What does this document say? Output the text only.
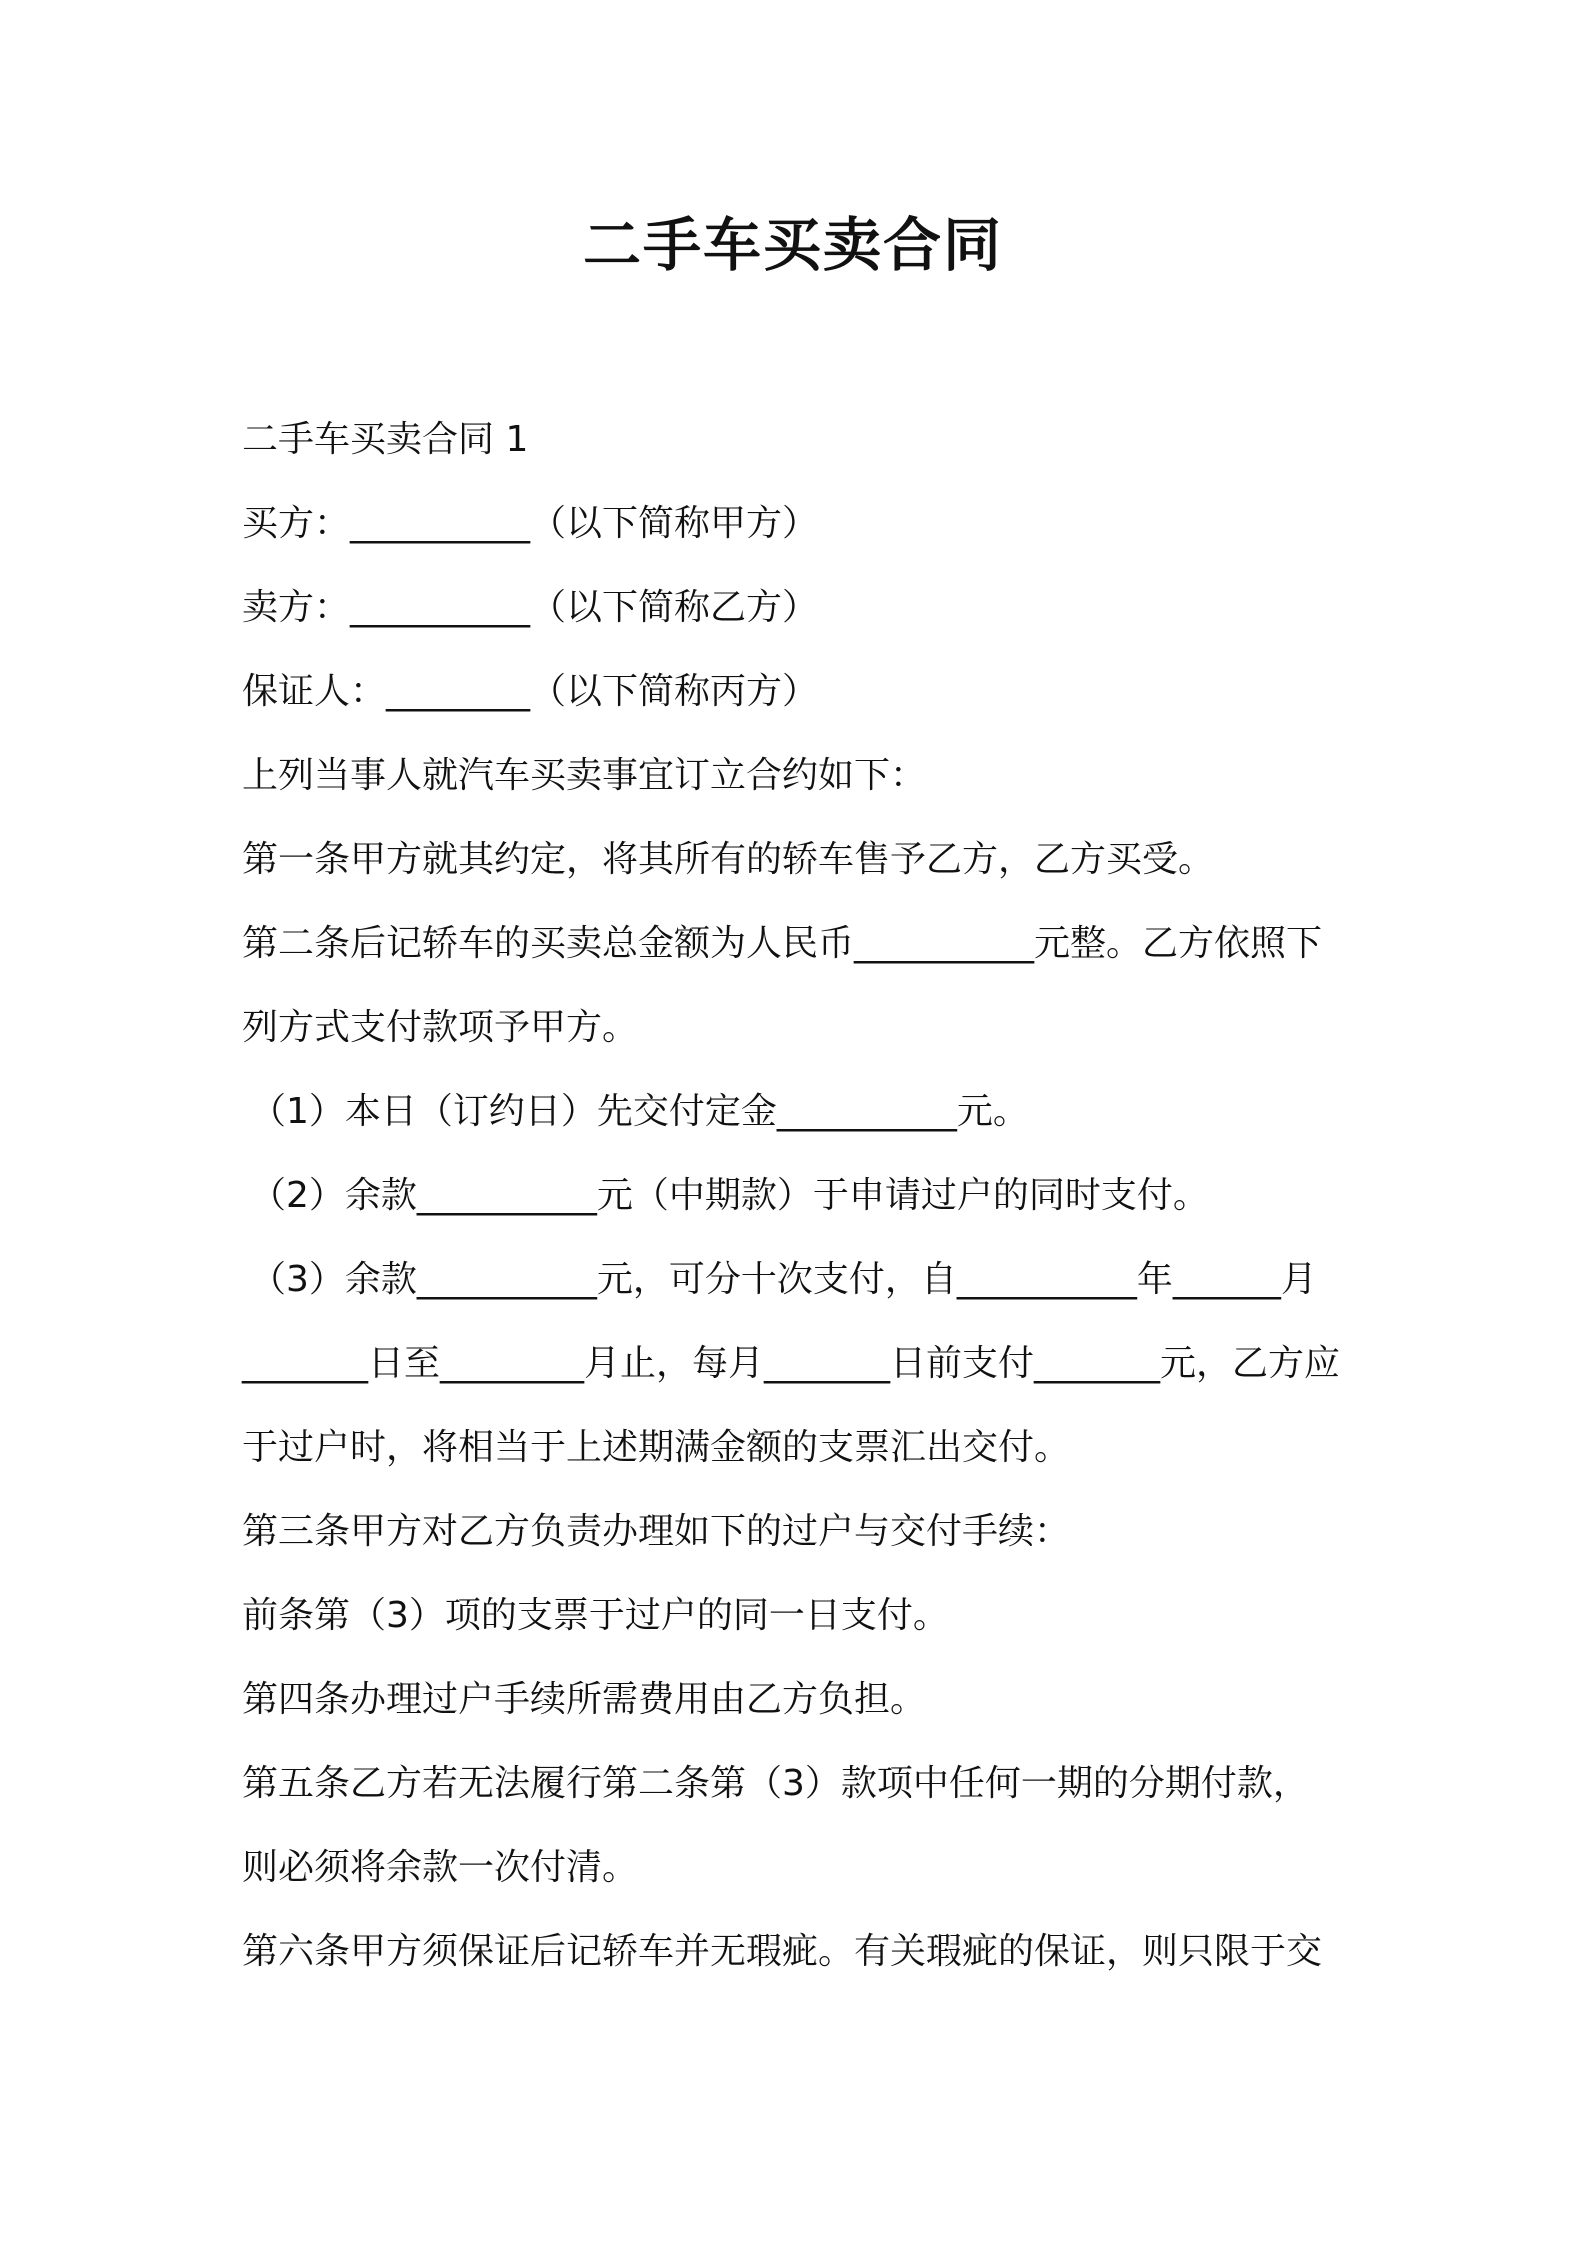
二手车买卖合同

二手车买卖合同 1

买方：__________（以下简称甲方）

卖方：__________（以下简称乙方）

保证人：________（以下简称丙方）

上列当事人就汽车买卖事宜订立合约如下：

第一条甲方就其约定，将其所有的轿车售予乙方，乙方买受。

第二条后记轿车的买卖总金额为人民币__________元整。乙方依照下

列方式支付款项予甲方。

（1）本日（订约日）先交付定金__________元。

（2）余款__________元（中期款）于申请过户的同时支付。

（3）余款__________元，可分十次支付，自__________年______月

_______日至________月止，每月_______日前支付_______元，乙方应

于过户时，将相当于上述期满金额的支票汇出交付。

第三条甲方对乙方负责办理如下的过户与交付手续：

前条第（3）项的支票于过户的同一日支付。

第四条办理过户手续所需费用由乙方负担。

第五条乙方若无法履行第二条第（3）款项中任何一期的分期付款，

则必须将余款一次付清。

第六条甲方须保证后记轿车并无瑕疵。有关瑕疵的保证，则只限于交
